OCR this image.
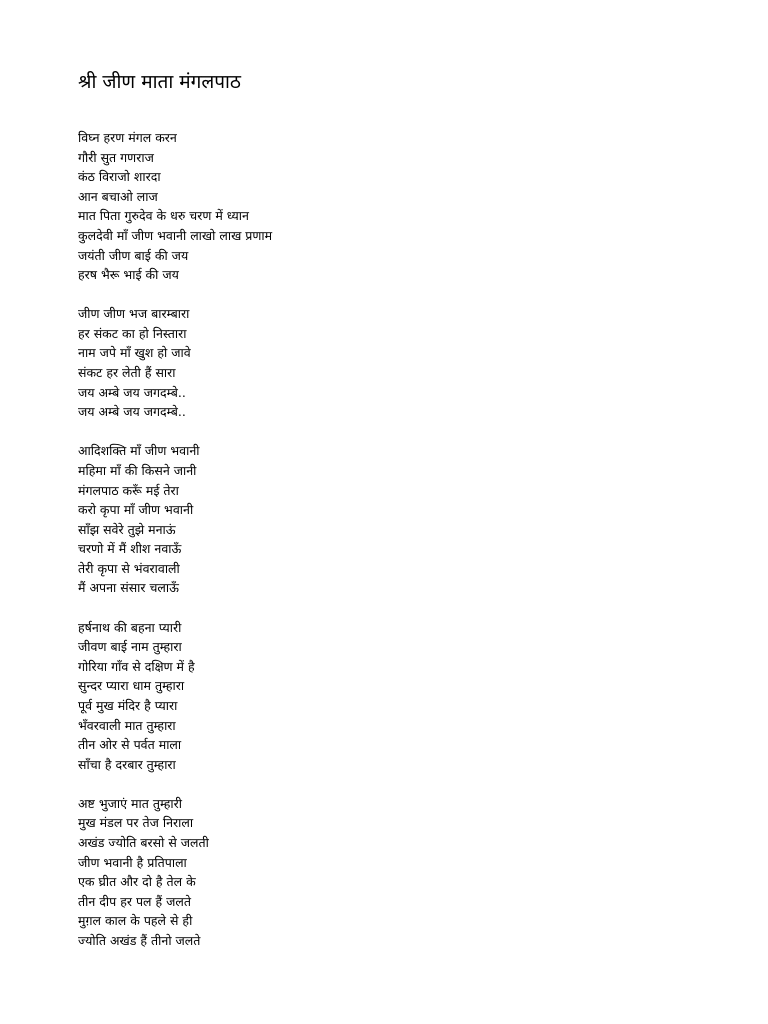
श्री जीण माता मंगलपाठ
विघ्न हरण मंगल करन
गौरी सुत गणराज
कंठ विराजो शारदा
आन बचाओ लाज
मात पिता गुरुदेव के धरु चरण में ध्यान
कुलदेवी माँ जीण भवानी लाखो लाख प्रणाम
जयंती जीण बाई की जय
हरष भैरू भाई की जय
जीण जीण भज बारम्बारा
हर संकट का हो निस्तारा
नाम जपे माँ खुश हो जावे
संकट हर लेती हैं सारा
जय अम्बे जय जगदम्बे..
जय अम्बे जय जगदम्बे..
आदिशक्ति माँ जीण भवानी
महिमा माँ की किसने जानी
मंगलपाठ करूँ मई तेरा
करो कृपा माँ जीण भवानी
साँझ सवेरे तुझे मनाऊं
चरणो में मैं शीश नवाऊँ
तेरी कृपा से भंवरावाली
मैं अपना संसार चलाऊँ
हर्षनाथ की बहना प्यारी
जीवण बाई नाम तुम्हारा
गोरिया गाँव से दक्षिण में है
सुन्दर प्यारा धाम तुम्हारा
पूर्व मुख मंदिर है प्यारा
भँवरवाली मात तुम्हारा
तीन ओर से पर्वत माला
साँचा है दरबार तुम्हारा
अष्ट भुजाएं मात तुम्हारी
मुख मंडल पर तेज निराला
अखंड ज्योति बरसो से जलती
जीण भवानी है प्रतिपाला
एक घ्रीत और दो है तेल के
तीन दीप हर पल हैं जलते
मुग़ल काल के पहले से ही
ज्योति अखंड हैं तीनो जलते
